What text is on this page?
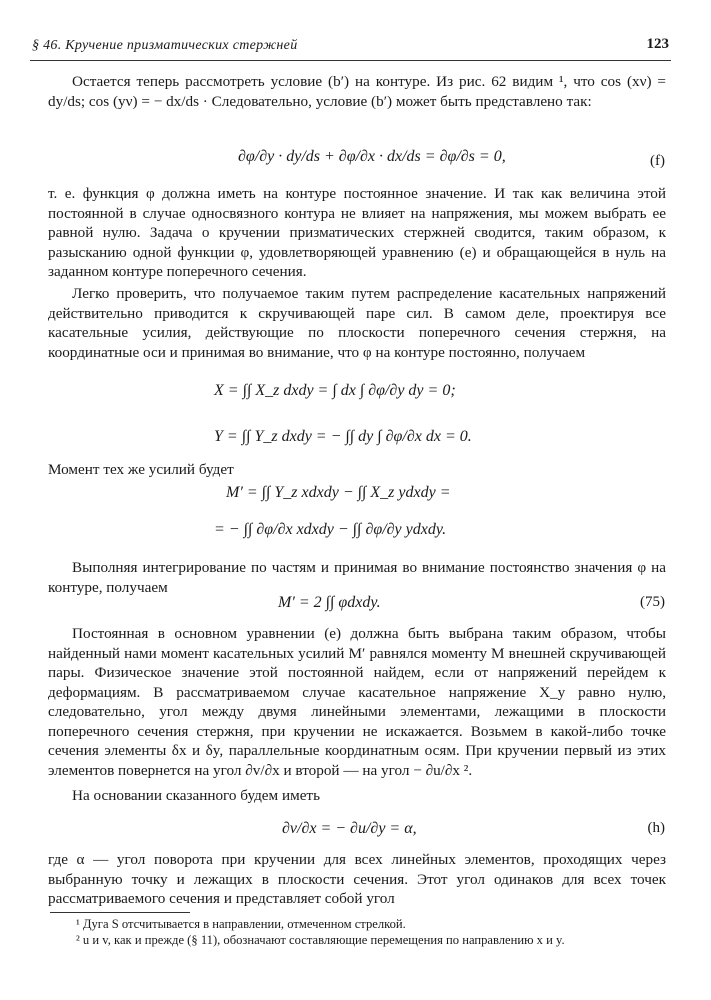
§ 46. Кручение призматических стержней	123
Остается теперь рассмотреть условие (b′) на контуре. Из рис. 62 видим ¹, что cos (xν) = dy/ds; cos (yν) = − dx/ds · Следовательно, условие (b′) может быть представлено так:
∂φ/∂y · dy/ds + ∂φ/∂x · dx/ds = ∂φ/∂s = 0,	(f)
т. е. функция φ должна иметь на контуре постоянное значение. И так как величина этой постоянной в случае односвязного контура не влияет на напряжения, мы можем выбрать ее равной нулю. Задача о кручении призматических стержней сводится, таким образом, к разысканию одной функции φ, удовлетворяющей уравнению (e) и обращающейся в нуль на заданном контуре поперечного сечения.
Легко проверить, что получаемое таким путем распределение касательных напряжений действительно приводится к скручивающей паре сил. В самом деле, проектируя все касательные усилия, действующие по плоскости поперечного сечения стержня, на координатные оси и принимая во внимание, что φ на контуре постоянно, получаем
X = ∫∫ X_z dxdy = ∫ dx ∫ ∂φ/∂y dy = 0;
Y = ∫∫ Y_z dxdy = − ∫∫ dy ∫ ∂φ/∂x dx = 0.
Момент тех же усилий будет
M′ = ∫∫ Y_z xdxdy − ∫∫ X_z ydxdy =
= − ∫∫ ∂φ/∂x xdxdy − ∫∫ ∂φ/∂y ydxdy.
Выполняя интегрирование по частям и принимая во внимание постоянство значения φ на контуре, получаем
M′ = 2 ∫∫ φdxdy.	(75)
Постоянная в основном уравнении (e) должна быть выбрана таким образом, чтобы найденный нами момент касательных усилий M′ равнялся моменту M внешней скручивающей пары. Физическое значение этой постоянной найдем, если от напряжений перейдем к деформациям. В рассматриваемом случае касательное напряжение X_y равно нулю, следовательно, угол между двумя линейными элементами, лежащими в плоскости поперечного сечения стержня, при кручении не искажается. Возьмем в какой-либо точке сечения элементы δx и δy, параллельные координатным осям. При кручении первый из этих элементов повернется на угол ∂v/∂x и второй — на угол − ∂u/∂x ².
На основании сказанного будем иметь
∂v/∂x = − ∂u/∂y = α,	(h)
где α — угол поворота при кручении для всех линейных элементов, проходящих через выбранную точку и лежащих в плоскости сечения. Этот угол одинаков для всех точек рассматриваемого сечения и представляет собой угол
¹ Дуга S отсчитывается в направлении, отмеченном стрелкой.
² u и v, как и прежде (§ 11), обозначают составляющие перемещения по направлению x и y.
